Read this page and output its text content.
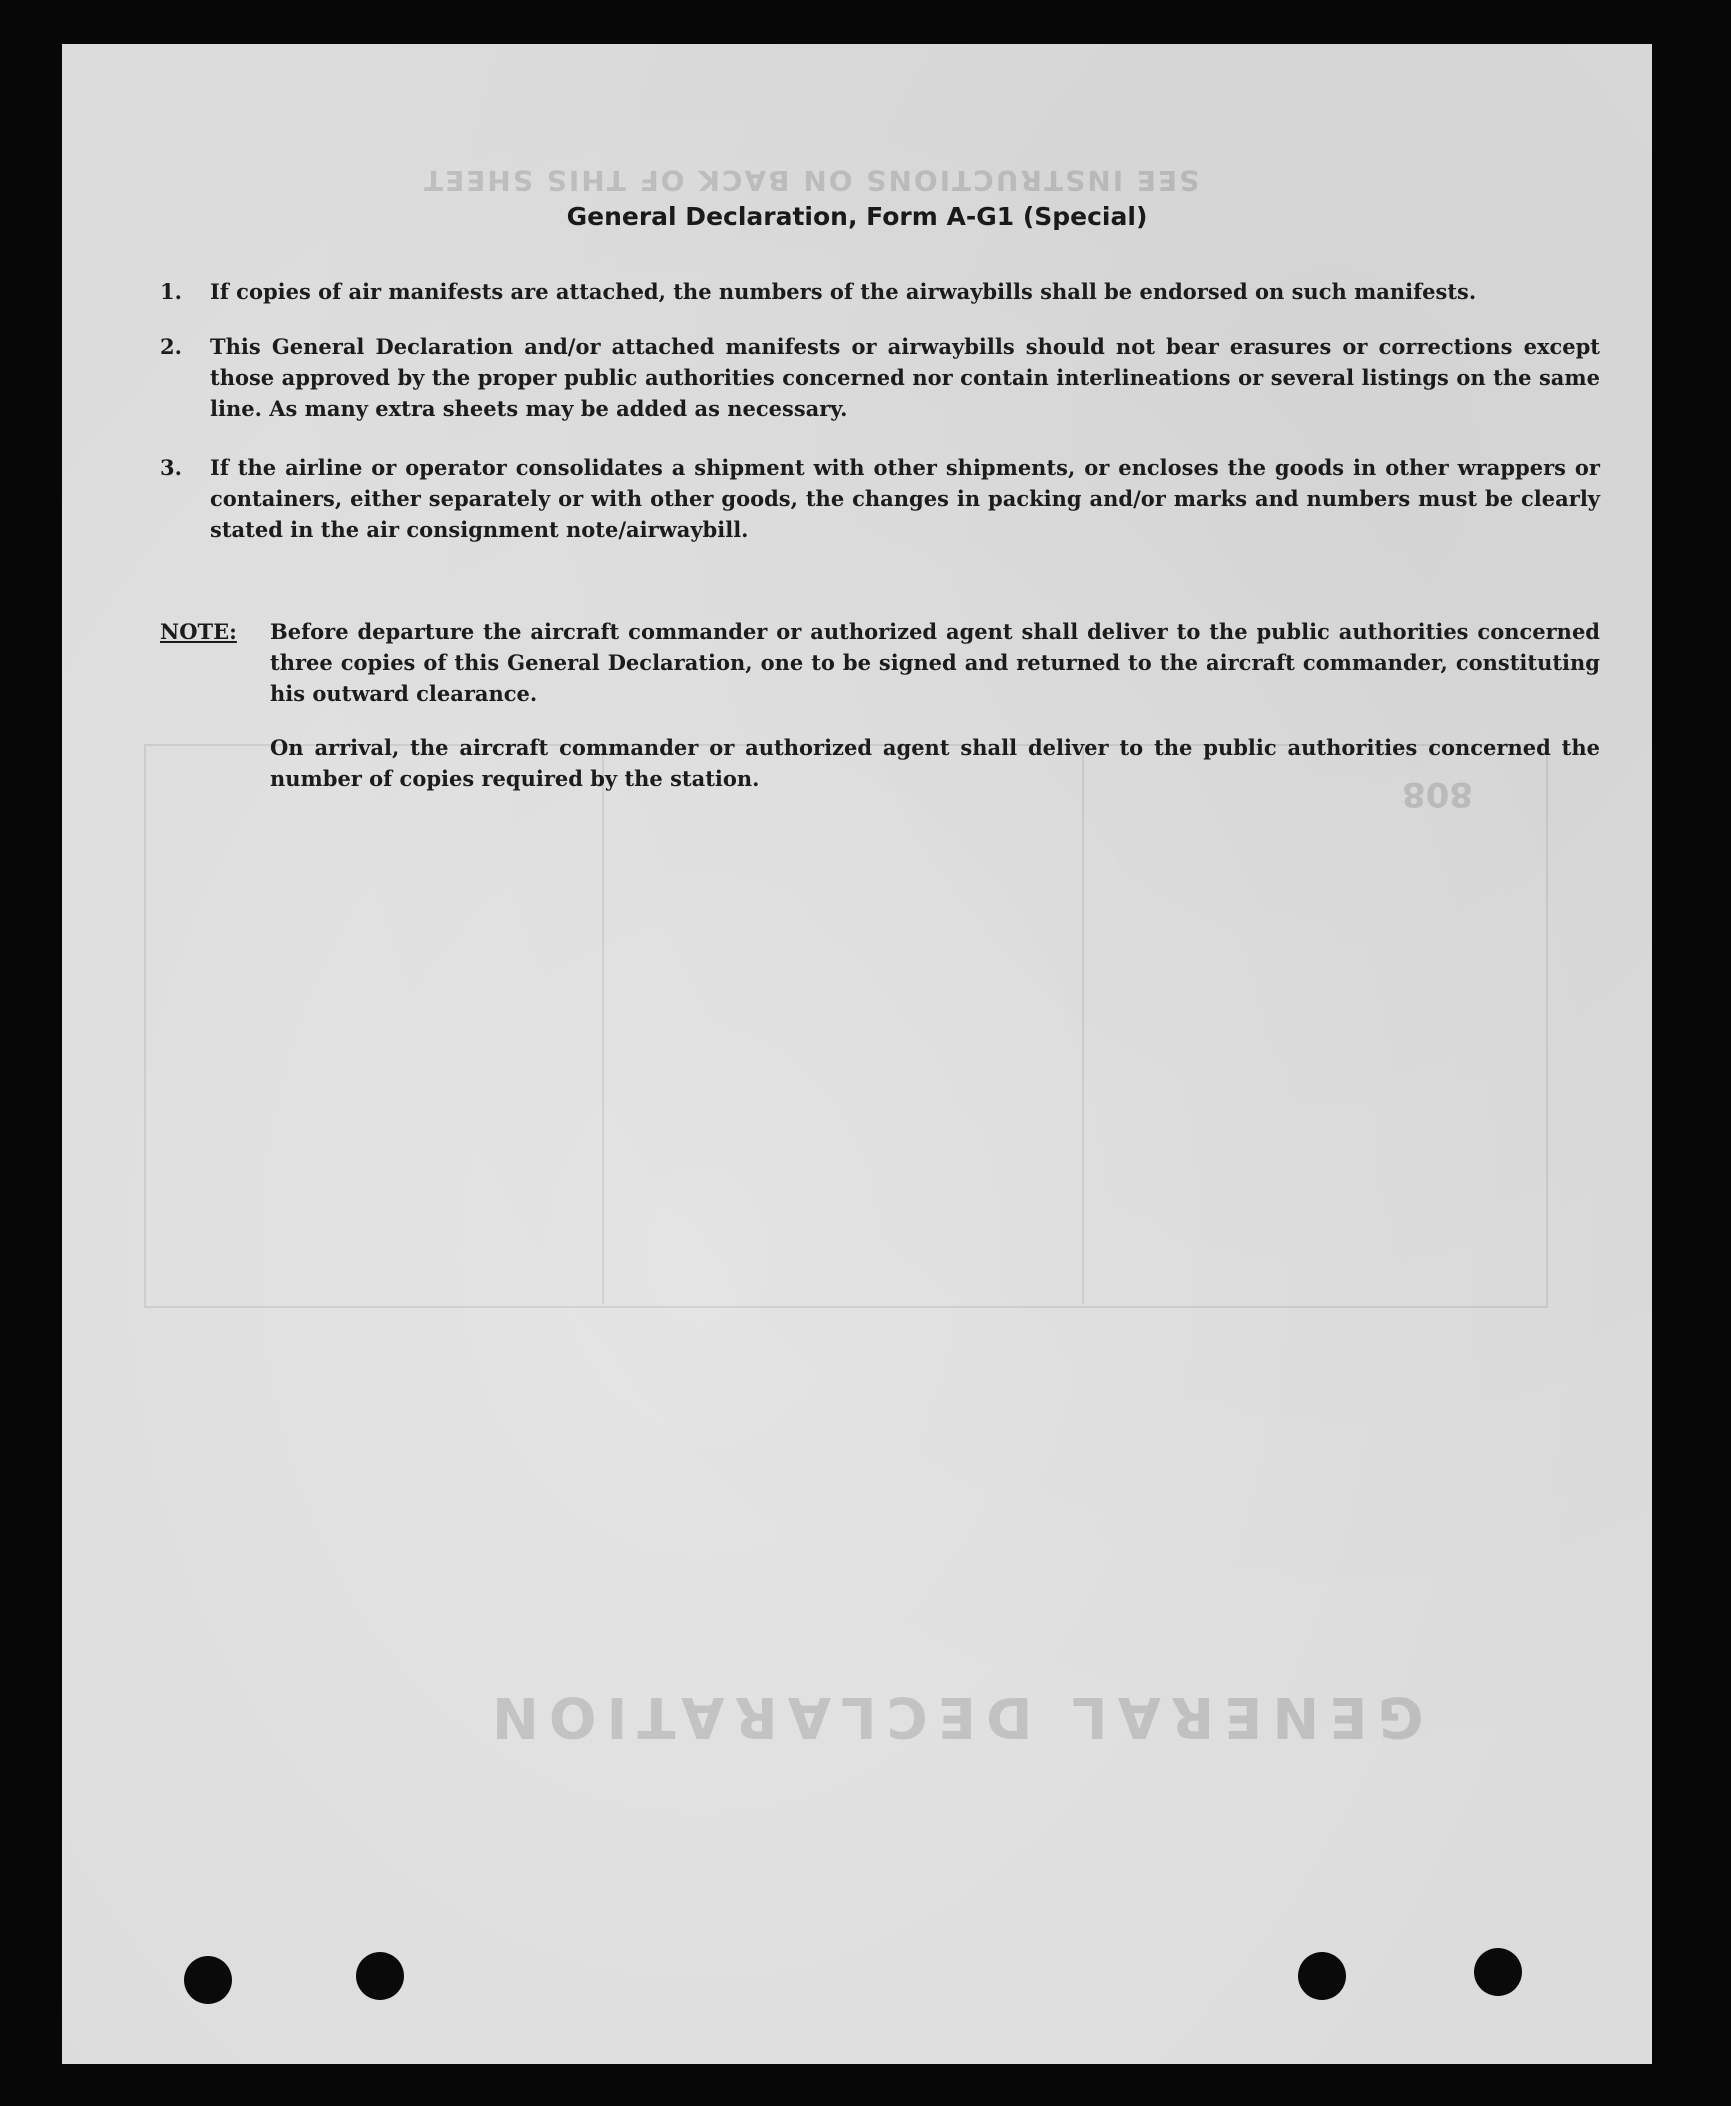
SEE INSTRUCTIONS ON BACK OF THIS SHEET
GENERAL DECLARATION
808
General Declaration, Form A-G1 (Special)
1.	If copies of air manifests are attached, the numbers of the airwaybills shall be endorsed on such manifests.
2.	This General Declaration and/or attached manifests or airwaybills should not bear erasures or corrections except those approved by the proper public authorities concerned nor contain interlineations or several listings on the same line. As many extra sheets may be added as necessary.
3.	If the airline or operator consolidates a shipment with other shipments, or encloses the goods in other wrappers or containers, either separately or with other goods, the changes in packing and/or marks and numbers must be clearly stated in the air consignment note/airwaybill.
NOTE: Before departure the aircraft commander or authorized agent shall deliver to the public authorities concerned three copies of this General Declaration, one to be signed and returned to the aircraft commander, constituting his outward clearance.
On arrival, the aircraft commander or authorized agent shall deliver to the public authorities concerned the number of copies required by the station.
